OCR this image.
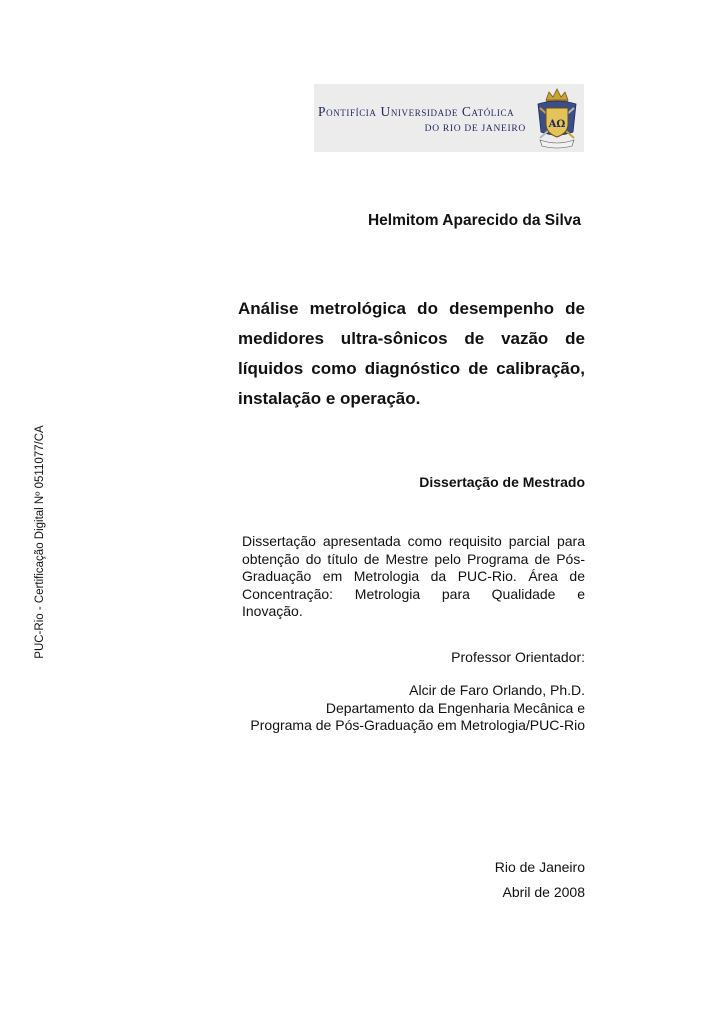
Pontifícia Universidade Católica
DO RIO DE JANEIRO ΑΩ
PUC-Rio - Certificação Digital Nº 0511077/CA
Helmitom Aparecido da Silva
Análise metrológica do desempenho de
medidores ultra-sônicos de vazão de
líquidos como diagnóstico de calibração,
instalação e operação.
Dissertação de Mestrado
Dissertação apresentada como requisito parcial para
obtenção do título de Mestre pelo Programa de Pós-
Graduação em Metrologia da PUC-Rio. Área de
Concentração: Metrologia para Qualidade e
Inovação.
Professor Orientador:
Alcir de Faro Orlando, Ph.D.
Departamento da Engenharia Mecânica e
Programa de Pós-Graduação em Metrologia/PUC-Rio
Rio de Janeiro
Abril de 2008
